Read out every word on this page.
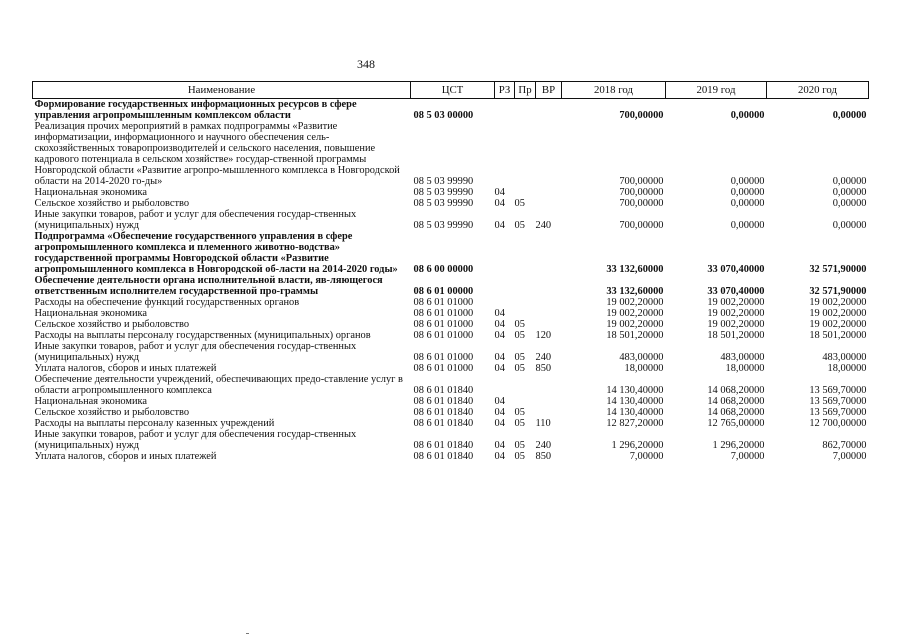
348
Наименование	ЦСТ	РЗ	Пр	ВР	2018 год	2019 год	2020 год
Формирование государственных информационных ресурсов в сфере управления агропромышленным комплексом области	08 5 03 00000				700,00000	0,00000	0,00000
Реализация прочих мероприятий в рамках подпрограммы «Развитие информатизации, информационного и научного обеспечения сель-скохозяйственных товаропроизводителей и сельского населения, повышение кадрового потенциала в сельском хозяйстве» государ-ственной программы Новгородской области «Развитие агропро-мышленного комплекса в Новгородской области на 2014-2020 го-ды»	08 5 03 99990				700,00000	0,00000	0,00000
Национальная экономика	08 5 03 99990	04			700,00000	0,00000	0,00000
Сельское хозяйство и рыболовство	08 5 03 99990	04	05		700,00000	0,00000	0,00000
Иные закупки товаров, работ и услуг для обеспечения государ-ственных (муниципальных) нужд	08 5 03 99990	04	05	240	700,00000	0,00000	0,00000
Подпрограмма «Обеспечение государственного управления в сфере агропромышленного комплекса и племенного животно-водства» государственной программы Новгородской области «Развитие агропромышленного комплекса в Новгородской об-ласти на 2014-2020 годы»	08 6 00 00000				33 132,60000	33 070,40000	32 571,90000
Обеспечение деятельности органа исполнительной власти, яв-ляющегося ответственным исполнителем государственной про-граммы	08 6 01 00000				33 132,60000	33 070,40000	32 571,90000
Расходы на обеспечение функций государственных органов	08 6 01 01000				19 002,20000	19 002,20000	19 002,20000
Национальная экономика	08 6 01 01000	04			19 002,20000	19 002,20000	19 002,20000
Сельское хозяйство и рыболовство	08 6 01 01000	04	05		19 002,20000	19 002,20000	19 002,20000
Расходы на выплаты персоналу государственных (муниципальных) органов	08 6 01 01000	04	05	120	18 501,20000	18 501,20000	18 501,20000
Иные закупки товаров, работ и услуг для обеспечения государ-ственных (муниципальных) нужд	08 6 01 01000	04	05	240	483,00000	483,00000	483,00000
Уплата налогов, сборов и иных платежей	08 6 01 01000	04	05	850	18,00000	18,00000	18,00000
Обеспечение деятельности учреждений, обеспечивающих предо-ставление услуг в области агропромышленного комплекса	08 6 01 01840				14 130,40000	14 068,20000	13 569,70000
Национальная экономика	08 6 01 01840	04			14 130,40000	14 068,20000	13 569,70000
Сельское хозяйство и рыболовство	08 6 01 01840	04	05		14 130,40000	14 068,20000	13 569,70000
Расходы на выплаты персоналу казенных учреждений	08 6 01 01840	04	05	110	12 827,20000	12 765,00000	12 700,00000
Иные закупки товаров, работ и услуг для обеспечения государ-ственных (муниципальных) нужд	08 6 01 01840	04	05	240	1 296,20000	1 296,20000	862,70000
Уплата налогов, сборов и иных платежей	08 6 01 01840	04	05	850	7,00000	7,00000	7,00000
